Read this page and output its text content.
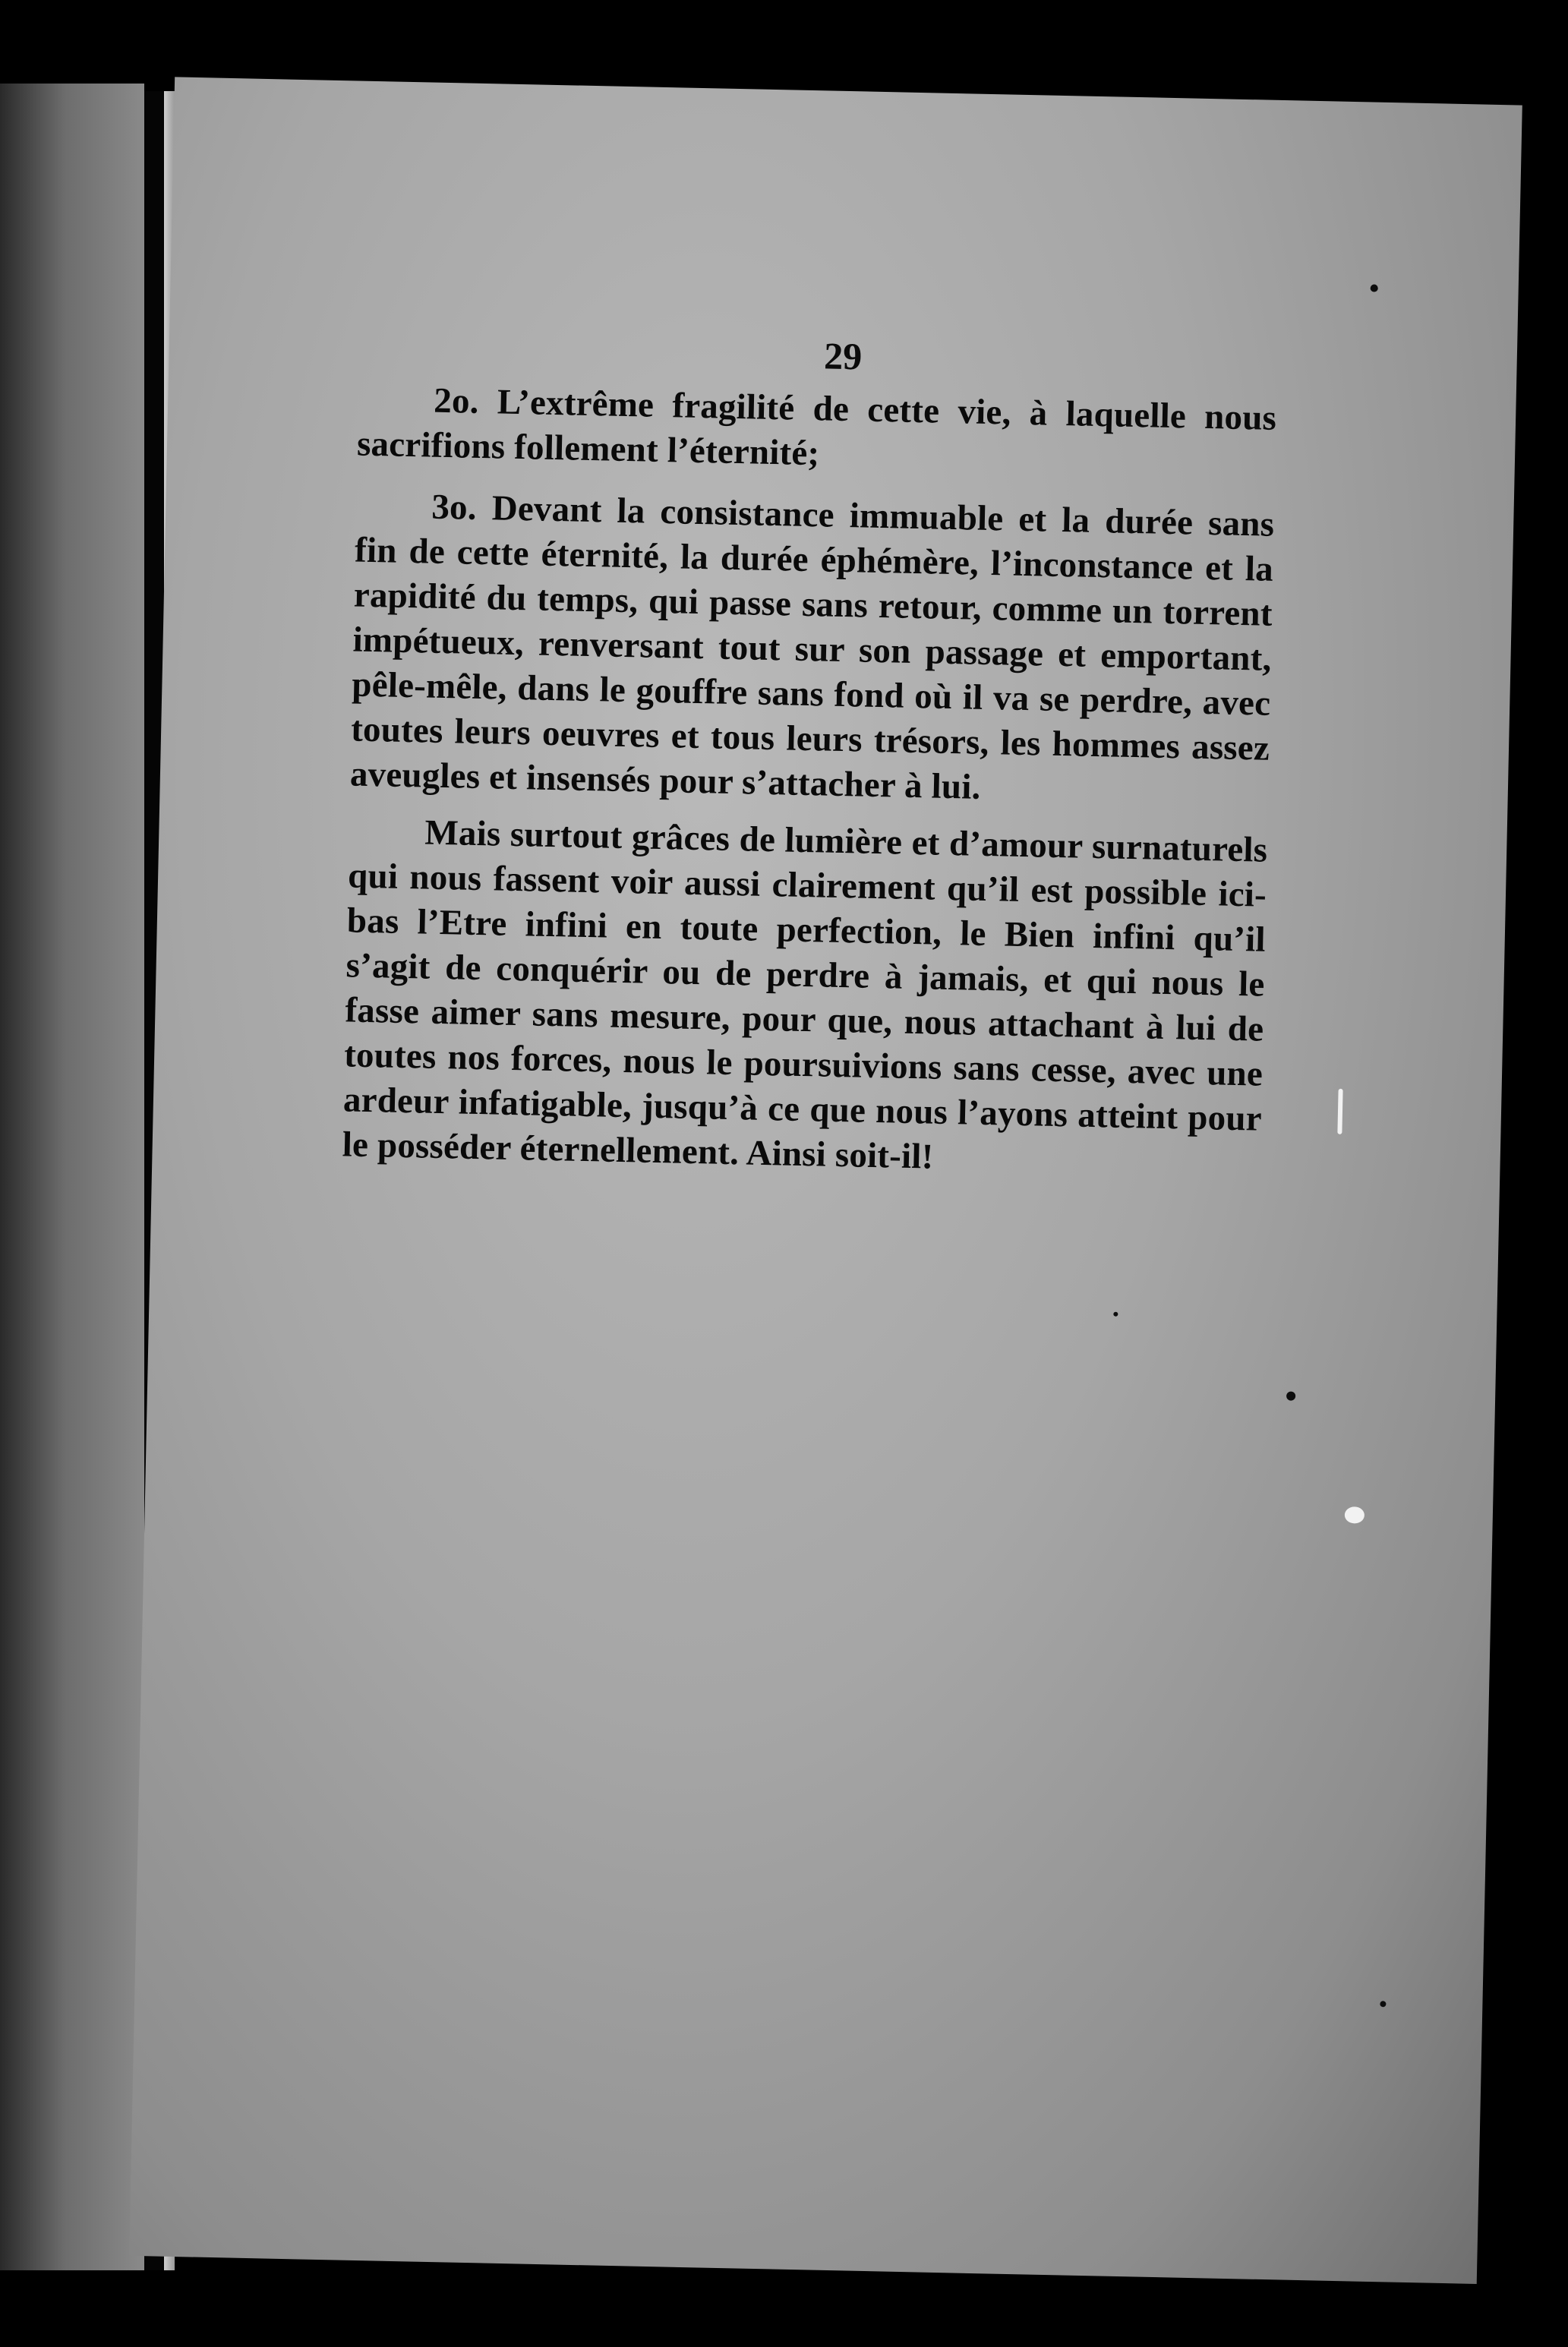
29

2o. L’extrême fragilité de cette vie, à laquelle nous sacrifions follement l’éternité;

3o. Devant la consistance immuable et la durée sans fin de cette éternité, la durée éphémère, l’inconstance et la rapidité du temps, qui passe sans retour, comme un torrent impétueux, renversant tout sur son passage et emportant, pêle-mêle, dans le gouffre sans fond où il va se perdre, avec toutes leurs oeuvres et tous leurs trésors, les hommes assez aveugles et insensés pour s’attacher à lui.

Mais surtout grâces de lumière et d’amour surnaturels qui nous fassent voir aussi clairement qu’il est possible ici-bas l’Etre infini en toute perfection, le Bien infini qu’il s’agit de conquérir ou de perdre à jamais, et qui nous le fasse aimer sans mesure, pour que, nous attachant à lui de toutes nos forces, nous le poursuivions sans cesse, avec une ardeur infatigable, jusqu’à ce que nous l’ayons atteint pour le posséder éternellement. Ainsi soit-il!
